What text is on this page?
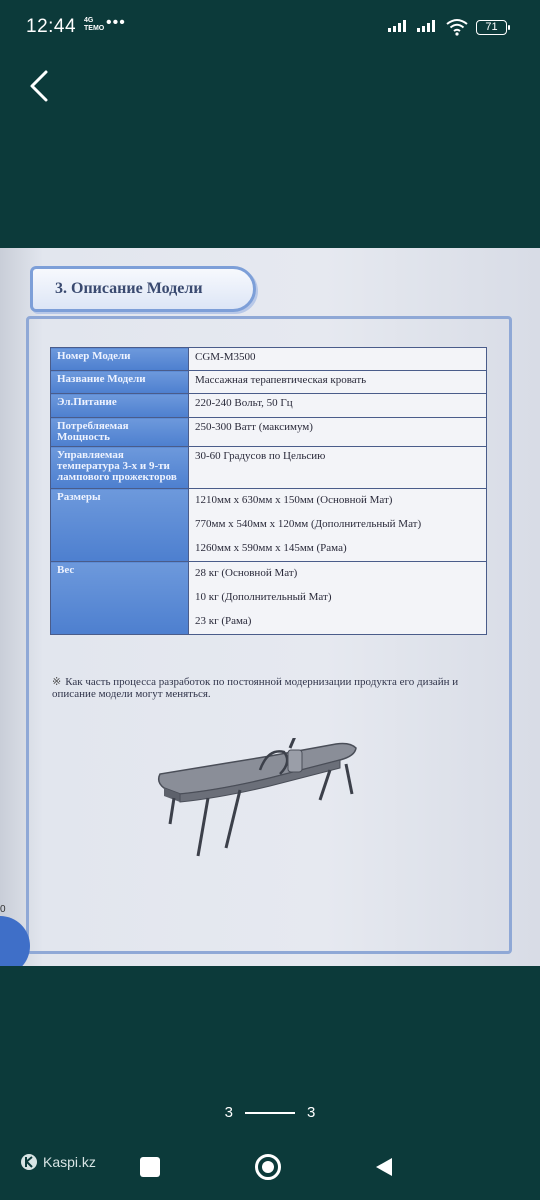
12:44 4G
ТЕМО •••	71
3. Описание Модели
Номер Модели	CGM-M3500
Название Модели	Массажная терапевтическая кровать
Эл.Питание	220-240 Вольт, 50 Гц
Потребляемая Мощность	250-300 Ватт (максимум)
Управляемая температура 3-х и 9-ти лампового прожекторов	30-60 Градусов по Цельсию
Размеры	1210мм x 630мм x 150мм (Основной Мат)
770мм x 540мм x 120мм (Дополнительный Мат)
1260мм x 590мм x 145мм (Рама)

Вес	28 кг (Основной Мат)
10 кг (Дополнительный Мат)
23 кг (Рама)
※ Как часть процесса разработок по постоянной модернизации продукта его дизайн и описание модели могут меняться.
0
3	3
Kaspi.kz
